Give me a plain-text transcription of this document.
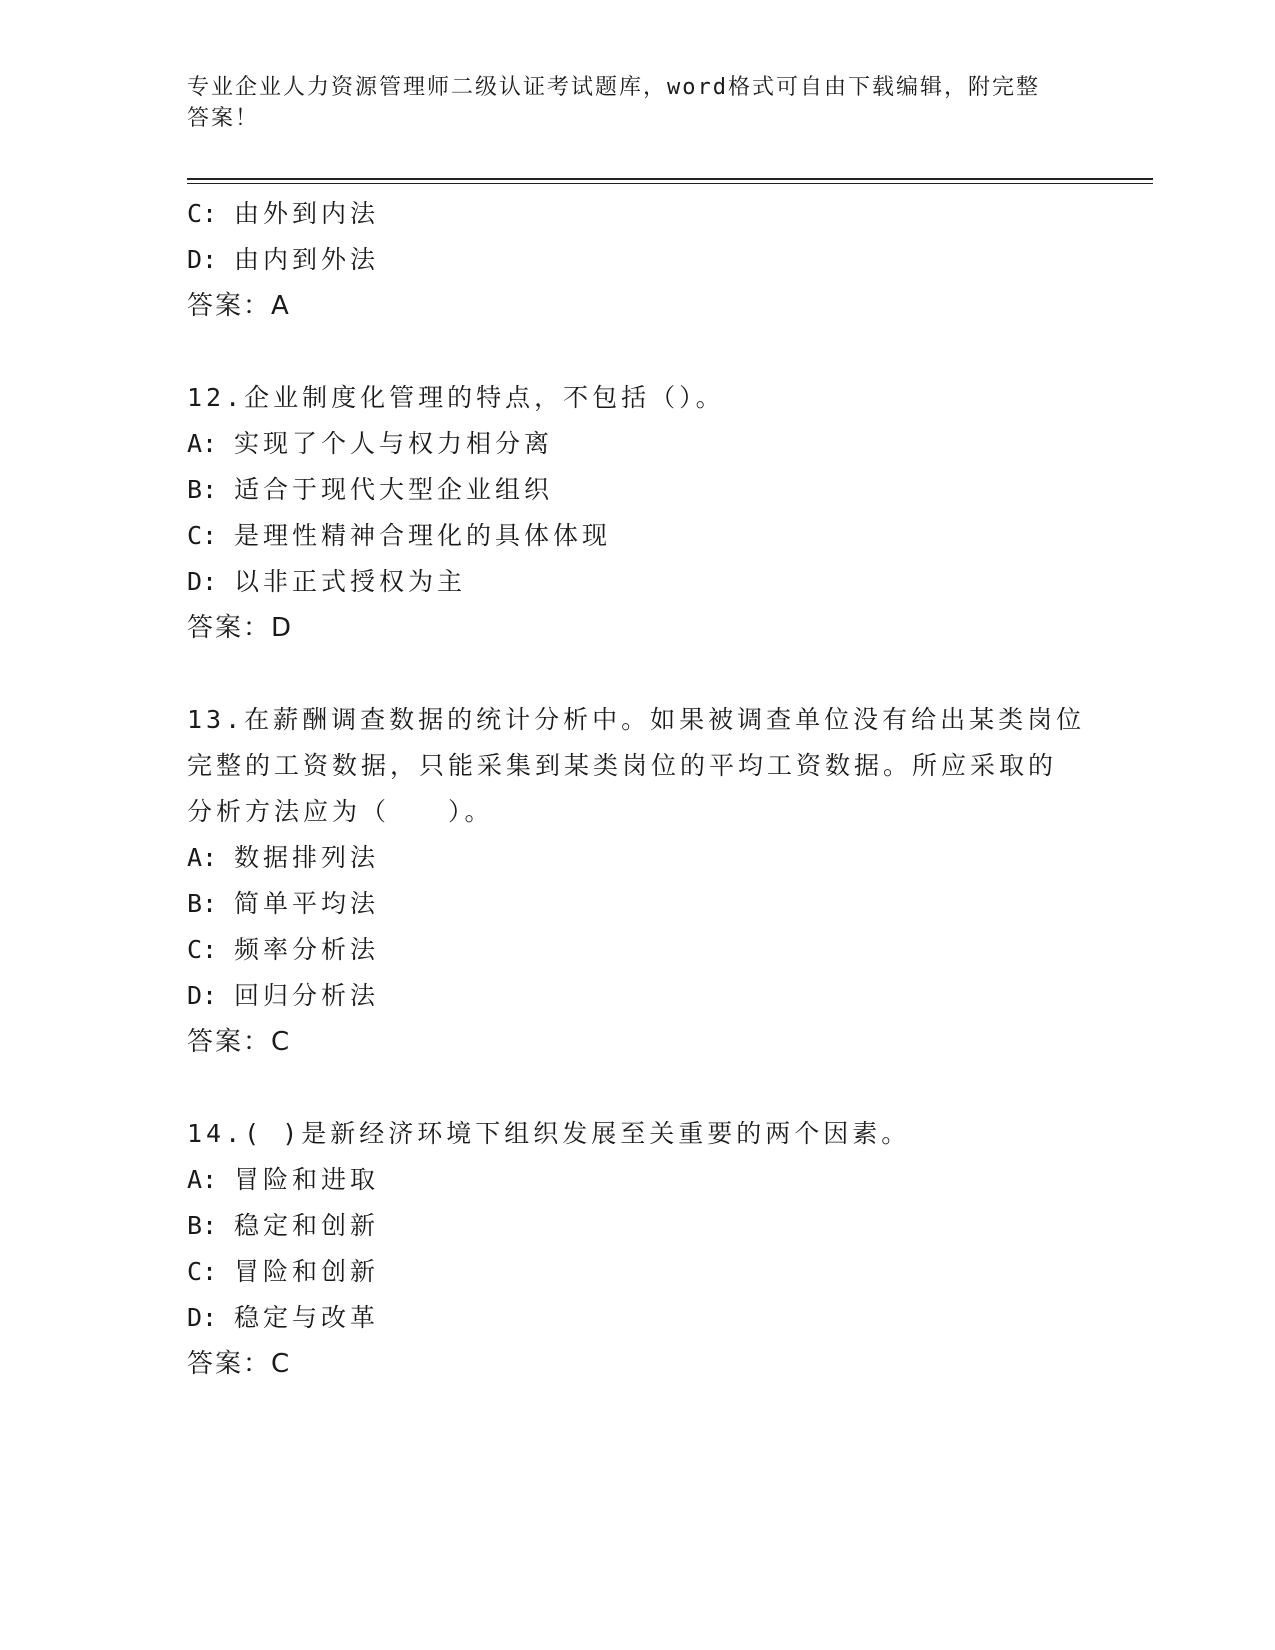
专业企业人力资源管理师二级认证考试题库，word格式可自由下载编辑，附完整
答案！
C: 由外到内法
D: 由内到外法
答案：A
12.企业制度化管理的特点，不包括（）。
A: 实现了个人与权力相分离
B: 适合于现代大型企业组织
C: 是理性精神合理化的具体体现
D: 以非正式授权为主
答案：D
13.在薪酬调查数据的统计分析中。如果被调查单位没有给出某类岗位
完整的工资数据，只能采集到某类岗位的平均工资数据。所应采取的
分析方法应为（　　）。
A: 数据排列法
B: 简单平均法
C: 频率分析法
D: 回归分析法
答案：C
14.( )是新经济环境下组织发展至关重要的两个因素。
A: 冒险和进取
B: 稳定和创新
C: 冒险和创新
D: 稳定与改革
答案：C
